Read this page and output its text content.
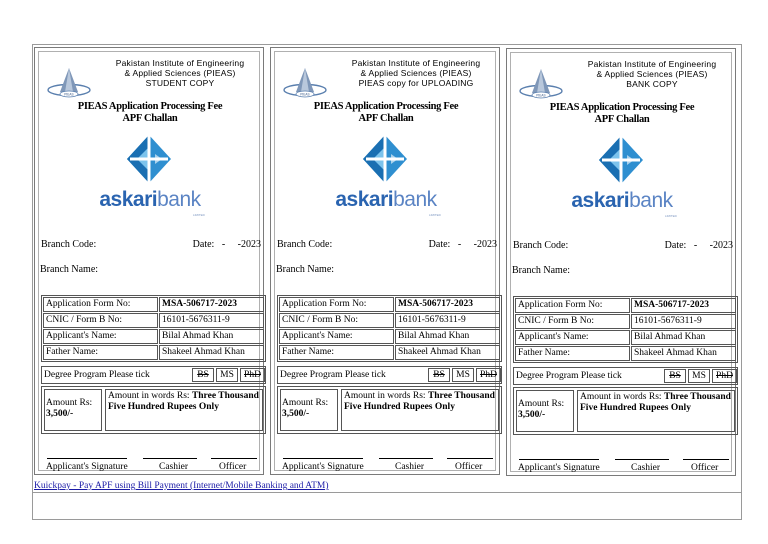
PIEAS
Pakistan Institute of Engineering
& Applied Sciences (PIEAS)
STUDENT COPY
PIEAS Application Processing Fee
APF Challan
askaribank
LIMITED
Branch Code:	Date: -     -2023
Branch Name:
Application Form No:	MSA-506717-2023
CNIC / Form B No:	16101-5676311-9
Applicant's Name:	Bilal Ahmad Khan
Father Name:	Shakeel Ahmad Khan
Degree Program Please tick	BS	MS	PhD
Amount Rs:
3,500/-
Amount in words Rs: Three Thousand Five Hundred Rupees Only
Applicant's Signature	Cashier	Officer
PIEAS
Pakistan Institute of Engineering
& Applied Sciences (PIEAS)
PIEAS copy for UPLOADING
PIEAS Application Processing Fee
APF Challan
askaribank
LIMITED
Branch Code:	Date: -     -2023
Branch Name:
Application Form No:	MSA-506717-2023
CNIC / Form B No:	16101-5676311-9
Applicant's Name:	Bilal Ahmad Khan
Father Name:	Shakeel Ahmad Khan
Degree Program Please tick	BS	MS	PhD
Amount Rs:
3,500/-
Amount in words Rs: Three Thousand Five Hundred Rupees Only
Applicant's Signature	Cashier	Officer
PIEAS
Pakistan Institute of Engineering
& Applied Sciences (PIEAS)
BANK COPY
PIEAS Application Processing Fee
APF Challan
askaribank
LIMITED
Branch Code:	Date: -     -2023
Branch Name:
Application Form No:	MSA-506717-2023
CNIC / Form B No:	16101-5676311-9
Applicant's Name:	Bilal Ahmad Khan
Father Name:	Shakeel Ahmad Khan
Degree Program Please tick	BS	MS	PhD
Amount Rs:
3,500/-
Amount in words Rs: Three Thousand Five Hundred Rupees Only
Applicant's Signature	Cashier	Officer
Kuickpay - Pay APF using Bill Payment (Internet/Mobile Banking and ATM)
